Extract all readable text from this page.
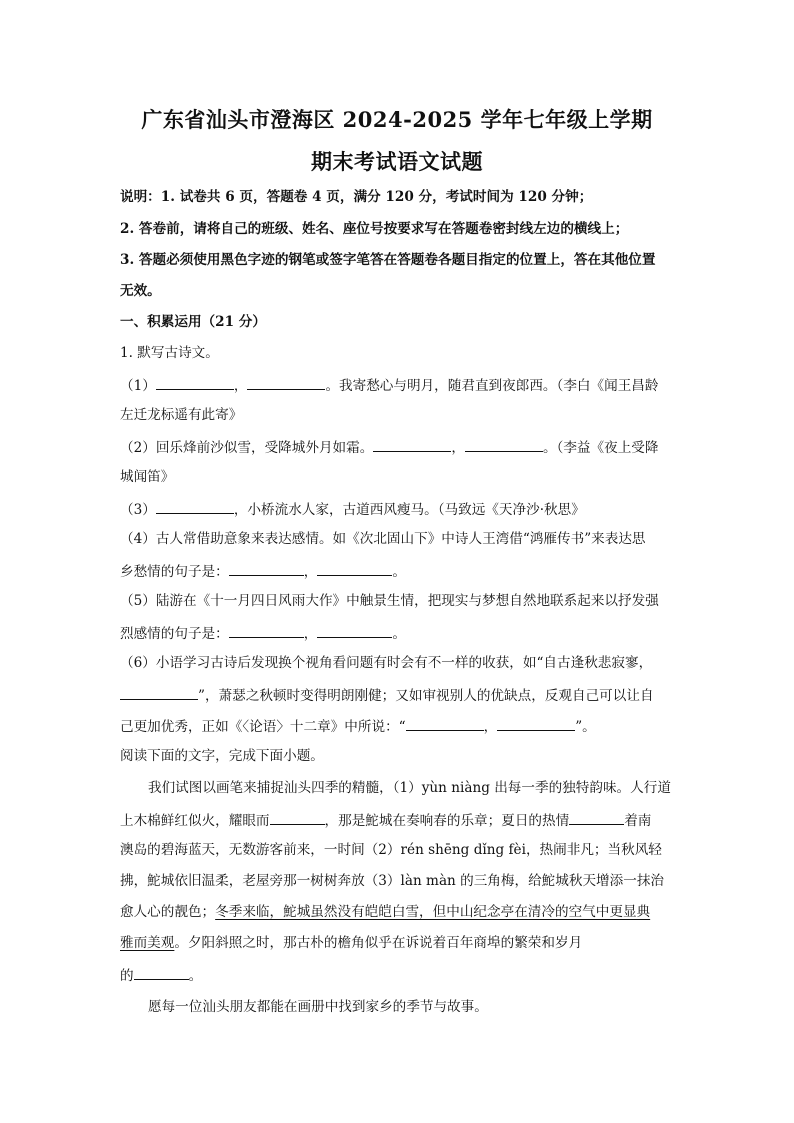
广东省汕头市澄海区 2024-2025 学年七年级上学期
期末考试语文试题
说明：1. 试卷共 6 页，答题卷 4 页，满分 120 分，考试时间为 120 分钟；
2. 答卷前，请将自己的班级、姓名、座位号按要求写在答题卷密封线左边的横线上；
3. 答题必须使用黑色字迹的钢笔或签字笔答在答题卷各题目指定的位置上，答在其他位置
无效。
一、积累运用（21 分）
1. 默写古诗文。
（1）	，	。我寄愁心与明月，随君直到夜郎西。（李白《闻王昌龄
左迁龙标遥有此寄》
（2）回乐烽前沙似雪，受降城外月如霜。	，	。（李益《夜上受降
城闻笛》
（3）	，小桥流水人家，古道西风瘦马。（马致远《天净沙·秋思》
（4）古人常借助意象来表达感情。如《次北固山下》中诗人王湾借“鸿雁传书”来表达思
乡愁情的句子是：	，	。
（5）陆游在《十一月四日风雨大作》中触景生情，把现实与梦想自然地联系起来以抒发强
烈感情的句子是：	，	。
（6）小语学习古诗后发现换个视角看问题有时会有不一样的收获，如“自古逢秋悲寂寥，
”，萧瑟之秋顿时变得明朗刚健；又如审视别人的优缺点，反观自己可以让自
己更加优秀，正如《〈论语〉十二章》中所说：“	，	”。
阅读下面的文字，完成下面小题。
我们试图以画笔来捕捉汕头四季的精髓，（1）yùn niàng 出每一季的独特韵味。人行道
上木棉鲜红似火，耀眼而	，那是鮀城在奏响春的乐章；夏日的热情	着南
澳岛的碧海蓝天，无数游客前来，一时间（2）rén shēng dǐng fèi，热闹非凡；当秋风轻
拂，鮀城依旧温柔，老屋旁那一树树奔放（3）làn màn 的三角梅，给鮀城秋天增添一抹治
愈人心的靓色；冬季来临，鮀城虽然没有皑皑白雪，但中山纪念亭在清冷的空气中更显典
雅而美观。夕阳斜照之时，那古朴的檐角似乎在诉说着百年商埠的繁荣和岁月
的	。
愿每一位汕头朋友都能在画册中找到家乡的季节与故事。
